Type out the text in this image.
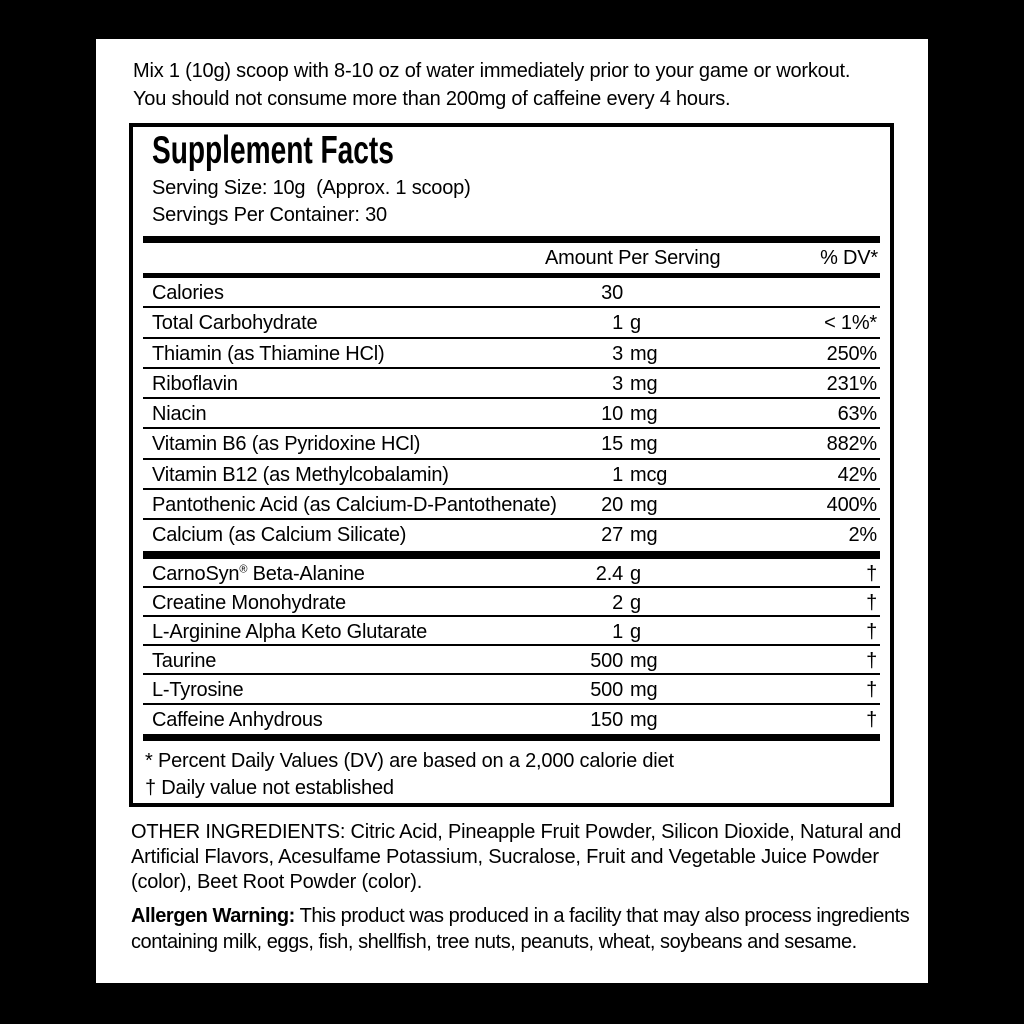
Mix 1 (10g) scoop with 8-10 oz of water immediately prior to your game or workout.
You should not consume more than 200mg of caffeine every 4 hours.
Supplement Facts
Serving Size: 10g  (Approx. 1 scoop)
Servings Per Container: 30
Amount Per Serving	% DV*
Calories	30
Total Carbohydrate	1 g	< 1%*
Thiamin (as Thiamine HCl)	3 mg	250%
Riboflavin	3 mg	231%
Niacin	10 mg	63%
Vitamin B6 (as Pyridoxine HCl)	15 mg	882%
Vitamin B12 (as Methylcobalamin)	1 mcg	42%
Pantothenic Acid (as Calcium-D-Pantothenate)	20 mg	400%
Calcium (as Calcium Silicate)	27 mg	2%
CarnoSyn® Beta-Alanine	2.4 g	†
Creatine Monohydrate	2 g	†
L-Arginine Alpha Keto Glutarate	1 g	†
Taurine	500 mg	†
L-Tyrosine	500 mg	†
Caffeine Anhydrous	150 mg	†
* Percent Daily Values (DV) are based on a 2,000 calorie diet
† Daily value not established
OTHER INGREDIENTS: Citric Acid, Pineapple Fruit Powder, Silicon Dioxide, Natural and
Artificial Flavors, Acesulfame Potassium, Sucralose, Fruit and Vegetable Juice Powder
(color), Beet Root Powder (color).
Allergen Warning: This product was produced in a facility that may also process ingredients
containing milk, eggs, fish, shellfish, tree nuts, peanuts, wheat, soybeans and sesame.
